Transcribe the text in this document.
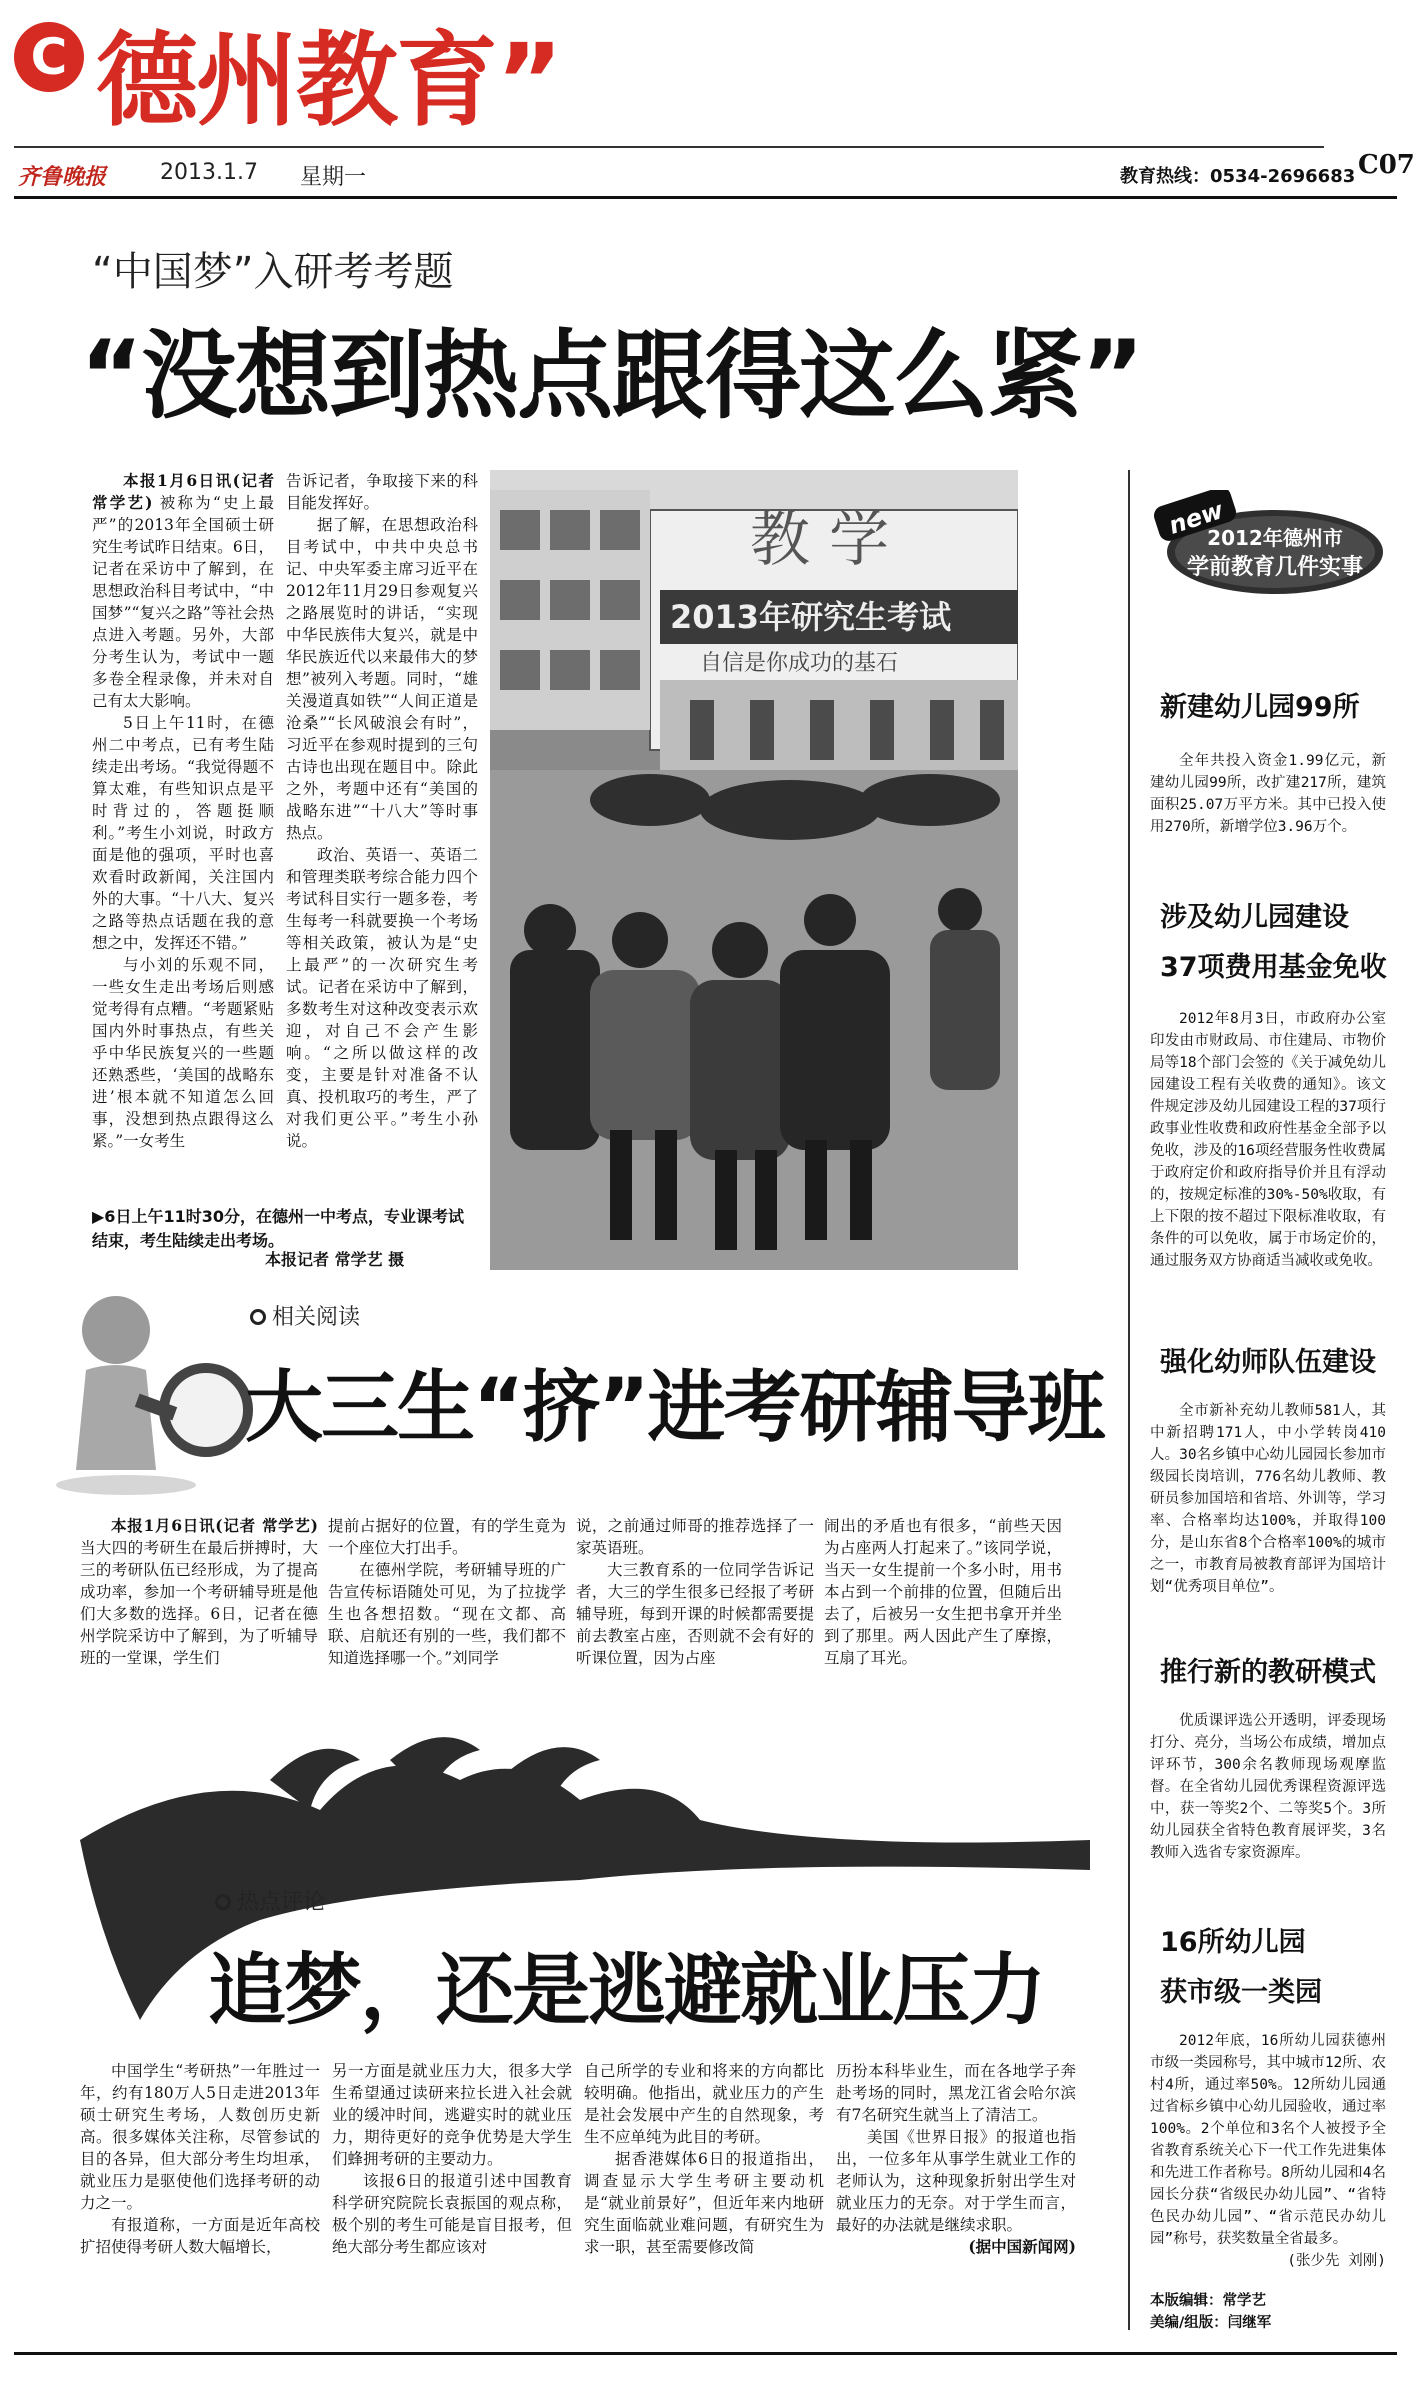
C 德州教育”
齐鲁晚报 2013.1.7 星期一	教育热线：0534-2696683 C07
“中国梦”入研考考题
“没想到热点跟得这么紧”

本报1月6日讯(记者 常学艺) 被称为“史上最严”的2013年全国硕士研究生考试昨日结束。6日，记者在采访中了解到，在思想政治科目考试中，“中国梦”“复兴之路”等社会热点进入考题。另外，大部分考生认为，考试中一题多卷全程录像，并未对自己有太大影响。

5日上午11时，在德州二中考点，已有考生陆续走出考场。“我觉得题不算太难，有些知识点是平时背过的，答题挺顺利。”考生小刘说，时政方面是他的强项，平时也喜欢看时政新闻，关注国内外的大事。“十八大、复兴之路等热点话题在我的意想之中，发挥还不错。”

与小刘的乐观不同，一些女生走出考场后则感觉考得有点糟。“考题紧贴国内外时事热点，有些关乎中华民族复兴的一些题还熟悉些，‘美国的战略东进’根本就不知道怎么回事，没想到热点跟得这么紧。”一女考生

告诉记者，争取接下来的科目能发挥好。

据了解，在思想政治科目考试中，中共中央总书记、中央军委主席习近平在2012年11月29日参观复兴之路展览时的讲话，“实现中华民族伟大复兴，就是中华民族近代以来最伟大的梦想”被列入考题。同时，“雄关漫道真如铁”“人间正道是沧桑”“长风破浪会有时”，习近平在参观时提到的三句古诗也出现在题目中。除此之外，考题中还有“美国的战略东进”“十八大”等时事热点。

政治、英语一、英语二和管理类联考综合能力四个考试科目实行一题多卷，考生每考一科就要换一个考场等相关政策，被认为是“史上最严”的一次研究生考试。记者在采访中了解到，多数考生对这种改变表示欢迎，对自己不会产生影响。“之所以做这样的改变，主要是针对准备不认真、投机取巧的考生，严了对我们更公平。”考生小孙说。

教 学
2013年研究生考试
自信是你成功的基石
▶6日上午11时30分，在德州一中考点，专业课考试结束，考生陆续走出考场。
本报记者 常学艺 摄
相关阅读
大三生“挤”进考研辅导班

本报1月6日讯(记者 常学艺) 当大四的考研生在最后拼搏时，大三的考研队伍已经形成，为了提高成功率，参加一个考研辅导班是他们大多数的选择。6日，记者在德州学院采访中了解到，为了听辅导班的一堂课，学生们

提前占据好的位置，有的学生竟为一个座位大打出手。

在德州学院，考研辅导班的广告宣传标语随处可见，为了拉拢学生也各想招数。“现在文都、高联、启航还有别的一些，我们都不知道选择哪一个。”刘同学

说，之前通过师哥的推荐选择了一家英语班。

大三教育系的一位同学告诉记者，大三的学生很多已经报了考研辅导班，每到开课的时候都需要提前去教室占座，否则就不会有好的听课位置，因为占座

闹出的矛盾也有很多，“前些天因为占座两人打起来了。”该同学说，当天一女生提前一个多小时，用书本占到一个前排的位置，但随后出去了，后被另一女生把书拿开并坐到了那里。两人因此产生了摩擦，互扇了耳光。

热点评论
追梦，还是逃避就业压力

中国学生“考研热”一年胜过一年，约有180万人5日走进2013年硕士研究生考场，人数创历史新高。很多媒体关注称，尽管参试的目的各异，但大部分考生均坦承，就业压力是驱使他们选择考研的动力之一。

有报道称，一方面是近年高校扩招使得考研人数大幅增长，

另一方面是就业压力大，很多大学生希望通过读研来拉长进入社会就业的缓冲时间，逃避实时的就业压力，期待更好的竞争优势是大学生们蜂拥考研的主要动力。

该报6日的报道引述中国教育科学研究院院长袁振国的观点称，极个别的考生可能是盲目报考，但绝大部分考生都应该对

自己所学的专业和将来的方向都比较明确。他指出，就业压力的产生是社会发展中产生的自然现象，考生不应单纯为此目的考研。

据香港媒体6日的报道指出，调查显示大学生考研主要动机是“就业前景好”，但近年来内地研究生面临就业难问题，有研究生为求一职，甚至需要修改简

历扮本科毕业生，而在各地学子奔赴考场的同时，黑龙江省会哈尔滨有7名研究生就当上了清洁工。

美国《世界日报》的报道也指出，一位多年从事学生就业工作的老师认为，这种现象折射出学生对就业压力的无奈。对于学生而言，最好的办法就是继续求职。

(据中国新闻网)

new
2012年德州市
学前教育几件实事
新建幼儿园99所

全年共投入资金1.99亿元，新建幼儿园99所，改扩建217所，建筑面积25.07万平方米。其中已投入使用270所，新增学位3.96万个。

涉及幼儿园建设
37项费用基金免收

2012年8月3日，市政府办公室印发由市财政局、市住建局、市物价局等18个部门会签的《关于减免幼儿园建设工程有关收费的通知》。该文件规定涉及幼儿园建设工程的37项行政事业性收费和政府性基金全部予以免收，涉及的16项经营服务性收费属于政府定价和政府指导价并且有浮动的，按规定标准的30%-50%收取，有上下限的按不超过下限标准收取，有条件的可以免收，属于市场定价的，通过服务双方协商适当减收或免收。

强化幼师队伍建设

全市新补充幼儿教师581人，其中新招聘171人，中小学转岗410人。30名乡镇中心幼儿园园长参加市级园长岗培训，776名幼儿教师、教研员参加国培和省培、外训等，学习率、合格率均达100%，并取得100分，是山东省8个合格率100%的城市之一，市教育局被教育部评为国培计划“优秀项目单位”。

推行新的教研模式

优质课评选公开透明，评委现场打分、亮分，当场公布成绩，增加点评环节，300余名教师现场观摩监督。在全省幼儿园优秀课程资源评选中，获一等奖2个、二等奖5个。3所幼儿园获全省特色教育展评奖，3名教师入选省专家资源库。

16所幼儿园
获市级一类园

2012年底，16所幼儿园获德州市级一类园称号，其中城市12所、农村4所，通过率50%。12所幼儿园通过省标乡镇中心幼儿园验收，通过率100%。2个单位和3名个人被授予全省教育系统关心下一代工作先进集体和先进工作者称号。8所幼儿园和4名园长分获“省级民办幼儿园”、“省特色民办幼儿园”、“省示范民办幼儿园”称号，获奖数量全省最多。

(张少先 刘刚)

本版编辑：常学艺
美编/组版：闫继军
